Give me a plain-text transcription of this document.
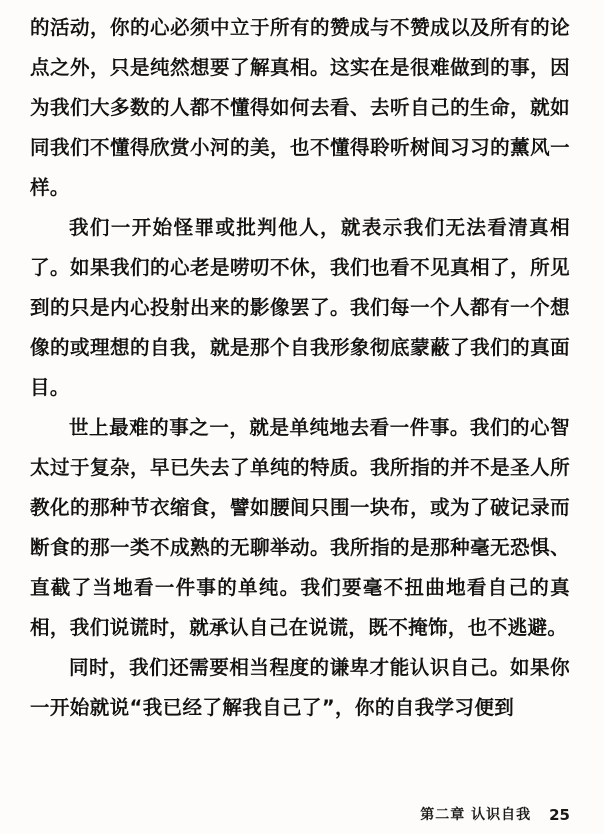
的活动，你的心必须中立于所有的赞成与不赞成以及所有的论点之外，只是纯然想要了解真相。这实在是很难做到的事，因为我们大多数的人都不懂得如何去看、去听自己的生命，就如同我们不懂得欣赏小河的美，也不懂得聆听树间习习的薰风一样。

我们一开始怪罪或批判他人，就表示我们无法看清真相了。如果我们的心老是唠叨不休，我们也看不见真相了，所见到的只是内心投射出来的影像罢了。我们每一个人都有一个想像的或理想的自我，就是那个自我形象彻底蒙蔽了我们的真面目。

世上最难的事之一，就是单纯地去看一件事。我们的心智太过于复杂，早已失去了单纯的特质。我所指的并不是圣人所教化的那种节衣缩食，譬如腰间只围一块布，或为了破记录而断食的那一类不成熟的无聊举动。我所指的是那种毫无恐惧、直截了当地看一件事的单纯。我们要毫不扭曲地看自己的真相，我们说谎时，就承认自己在说谎，既不掩饰，也不逃避。

同时，我们还需要相当程度的谦卑才能认识自己。如果你一开始就说“我已经了解我自己了”，你的自我学习便到

第二章 认识自我 25
